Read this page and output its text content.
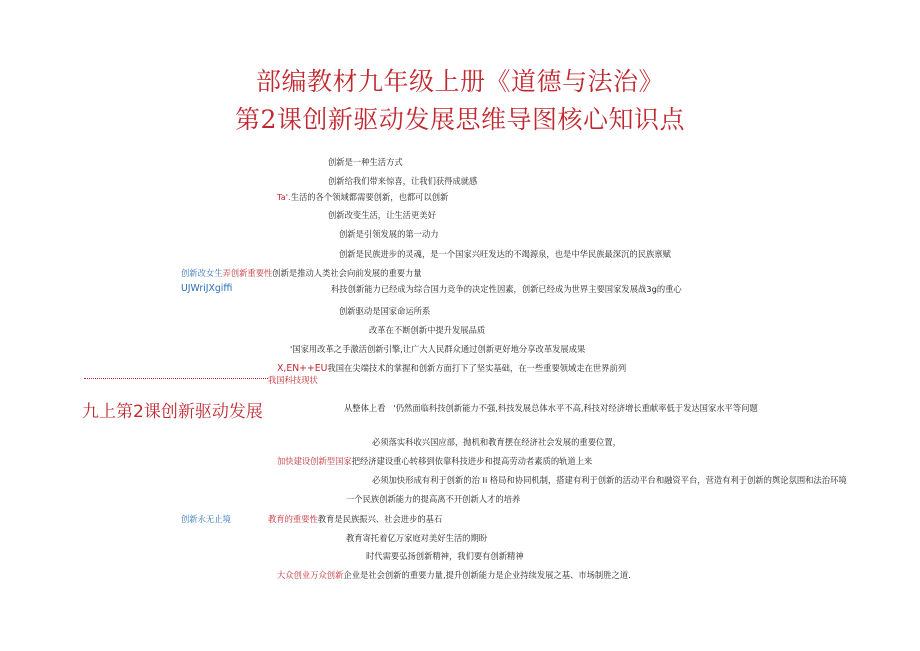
部编教材九年级上册《道德与法治》
第2课创新驱动发展思维导图核心知识点
创新是一种生活方式
创新给我们带来惊喜，让我们获得成就感
Ta'.生活的各个领域都需要创新，也都可以创新
创新改变生活，让生活更美好
创新是引领发展的第一动力
创新是民族进步的灵魂，是一个国家兴旺发达的不竭源泉，也是中华民族最深沉的民族禀赋
创新改女生弄创新重要性创新是推动人类社会向前发展的重要力量
UJWriJXgiffi	科技创新能力已经成为综合国力竞争的决定性因素，创新已经成为世界主要国家发展战3g的重心
创新驱动是国家命运所系
改革在不断创新中提升发展品质
'国家用改革之手激活创新引擎,让广大人民群众通过创新更好地分享改革发展成果
X,EN++EU我国在尖端技术的掌握和创新方面打下了坚实基础，在一些重要领域走在世界前列
我国科技现状
九上第2课创新驱动发展	从整体上看 '仍然面临科技创新能力不强,科技发展总体水平不高,科技对经济增长重献率低于发达国家水平等问题
必须落实科收兴国应部，抛机和教育摆在经济社会发展的重要位置，
加快建设创新型国家把经济建设重心转移到依靠科技进步和提高劳动者素质的轨道上来
必须加快形成有利于创新的治 Ii 格局和协同机制，搭建有利于创新的活动平台和融资平台，营造有利于创新的舆论氛围和法治环境
一个民族创新能力的提高离不开创新人才的培养
创新永无止境	教育的重要性教育是民族振兴、社会进步的基石
教育寄托着亿万家庭对美好生活的期盼
时代需要弘扬创新精神，我们要有创新精神
大众创业万众创新企业是社会创新的重要力量,提升创新能力是企业持续发展之基、市场制胜之道.
